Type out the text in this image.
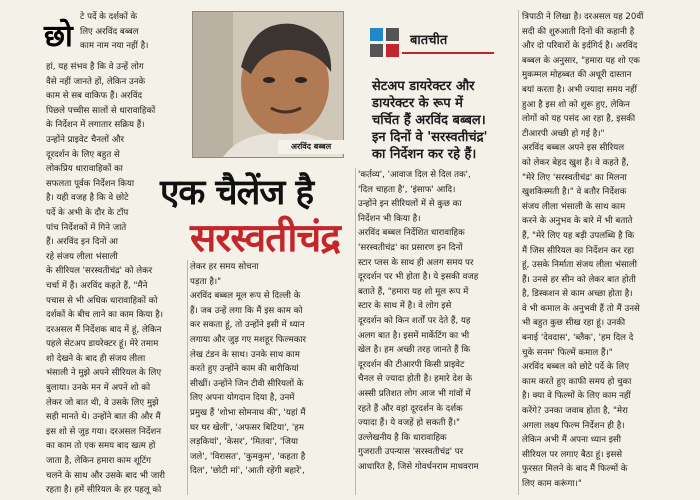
छो
टे पर्दे के दर्शकों के
लिए अरविंद बब्बल
काम नाम नया नहीं है।
हां, यह संभव है कि वे उन्हें लोग
वैसे नहीं जानते हों, लेकिन उनके
काम से सब वाकिफ हैं। अरविंद
पिछले पच्चीस सालों से धारावाहिकों
के निर्देशन में लगातार सक्रिय हैं।
उन्होंने प्राइवेट चैनलों और
दूरदर्शन के लिए बहुत से
लोकप्रिय धारावाहिकों का
सफलता पूर्वक निर्देशन किया
है। यही वजह है कि वे छोटे
पर्दे के अभी के दौर के टॉप
पांच निर्देशकों में गिने जाते
हैं। अरविंद इन दिनों आ
रहे संजय लीला भंसाली
के सीरियल 'सरस्वतीचंद्र' को लेकर
चर्चा में हैं। अरविंद कहते हैं, "मैंने
पचास से भी अधिक धारावाहिकों को
दर्शकों के बीच लाने का काम किया है।
दरअसल मैं निर्देशक बाद में हूं, लेकिन
पहले सेटअप डायरेक्टर हूं। मेरे तमाम
शो देखने के बाद ही संजय लीला
भंसाली ने मुझे अपने सीरियल के लिए
बुलाया। उनके मन में अपने शो को
लेकर जो बात थी, वे उसके लिए मुझे
सही मानते थे। उन्होंने बात की और मैं
इस शो से जुड़ गया। दरअसल निर्देशन
का काम तो एक समय बाद खत्म हो
जाता है, लेकिन हमारा काम शूटिंग
चलने के साथ और उसके बाद भी जारी
रहता है। हमें सीरियल के हर पहलू को
अरविंद बब्बल
बातचीत
सेटअप डायरेक्टर और
डायरेक्टर के रूप में
चर्चित हैं अरविंद बब्बल।
इन दिनों वे 'सरस्वतीचंद्र'
का निर्देशन कर रहे हैं।
एक चैलेंज है
सरस्वतीचंद्र
लेकर हर समय सोचना
पड़ता है।"
अरविंद बब्बल मूल रूप से दिल्ली के
हैं। जब उन्हें लगा कि मैं इस काम को
कर सकता हूं, तो उन्होंने इसी में ध्यान
लगाया और जुड़ गए मशहूर फिल्मकार
लेख टंडन के साथ। उनके साथ काम
करते हुए उन्होंने काम की बारीकियां
सीखीं। उन्होंने जिन टीवी सीरियलों के
लिए अपना योगदान दिया है, उनमें
प्रमुख हैं 'शोभा सोमनाथ की', 'यहां मैं
घर घर खेली', 'अफसर बिटिया', 'हम
लड़कियां', 'केसर', 'मितवा', 'जिया
जले', 'विरासत', 'कुमकुम', 'कहता है
दिल', 'छोटी मां', 'आती रहेंगी बहारें',
'कर्तव्य', 'आवाज दिल से दिल तक',
'दिल चाहता है', 'इंसाफ' आदि।
उन्होंने इन सीरियलों में से कुछ का
निर्देशन भी किया है।
अरविंद बब्बल निर्देशित धारावाहिक
'सरस्वतीचंद्र' का प्रसारण इन दिनों
स्टार प्लस के साथ ही अलग समय पर
दूरदर्शन पर भी होता है। ये इसकी वजह
बताते हैं, "हमारा यह शो मूल रूप में
स्टार के साथ में है। वे लोग इसे
दूरदर्शन को किन शर्तों पर देते हैं, यह
अलग बात है। इसमें मार्केटिंग का भी
खेल है। हम अच्छी तरह जानते हैं कि
दूरदर्शन की टीआरपी किसी प्राइवेट
चैनल से ज्यादा होती है। हमारे देश के
अस्सी प्रतिशत लोग आज भी गांवों में
रहते हैं और वहां दूरदर्शन के दर्शक
ज्यादा हैं। ये वजहें हो सकती हैं।"
उल्लेखनीय है कि धारावाहिक
गुजराती उपन्यास 'सरस्वतीचंद्र' पर
आधारित है, जिसे गोवर्धनराम माधवराम
त्रिपाठी ने लिखा है। दरअसल यह 20वीं
सदी की शुरुआती दिनों की कहानी है
और दो परिवारों के इर्दगिर्द है। अरविंद
बब्बल के अनुसार, "हमारा यह शो एक
मुकम्मल मोहब्बत की अधूरी दास्तान
बयां करता है। अभी ज्यादा समय नहीं
हुआ है इस शो को शुरू हुए, लेकिन
लोगों को यह पसंद आ रहा है, इसकी
टीआरपी अच्छी हो गई है।"
अरविंद बब्बल अपने इस सीरियल
को लेकर बेहद खुश हैं। वे कहते हैं,
"मेरे लिए 'सरस्वतीचंद्र' का मिलना
खुशकिस्मती है।" वे बतौर निर्देशक
संजय लीला भंसाली के साथ काम
करने के अनुभव के बारे में भी बताते
हैं, "मेरे लिए यह बड़ी उपलब्धि है कि
मैं जिस सीरियल का निर्देशन कर रहा
हूं, उसके निर्माता संजय लीला भंसाली
हैं। उनसे हर सीन को लेकर बात होती
है, डिस्कशन से काम अच्छा होता है।
वे भी कमाल के अनुभवी हैं तो मैं उनसे
भी बहुत कुछ सीख रहा हूं। उनकी
बनाई 'देवदास', 'ब्लैक', 'हम दिल दे
चुके सनम' फिल्में कमाल हैं।"
अरविंद बब्बल को छोटे पर्दे के लिए
काम करते हुए काफी समय हो चुका
है। क्या वे फिल्मों के लिए काम नहीं
करेंगे? उनका जवाब होता है, "मेरा
अगला लक्ष्य फिल्म निर्देशन ही है।
लेकिन अभी मैं अपना ध्यान इसी
सीरियल पर लगाए बैठा हूं। इससे
फुरसत मिलने के बाद मैं फिल्मों के
लिए काम करूंगा।"
